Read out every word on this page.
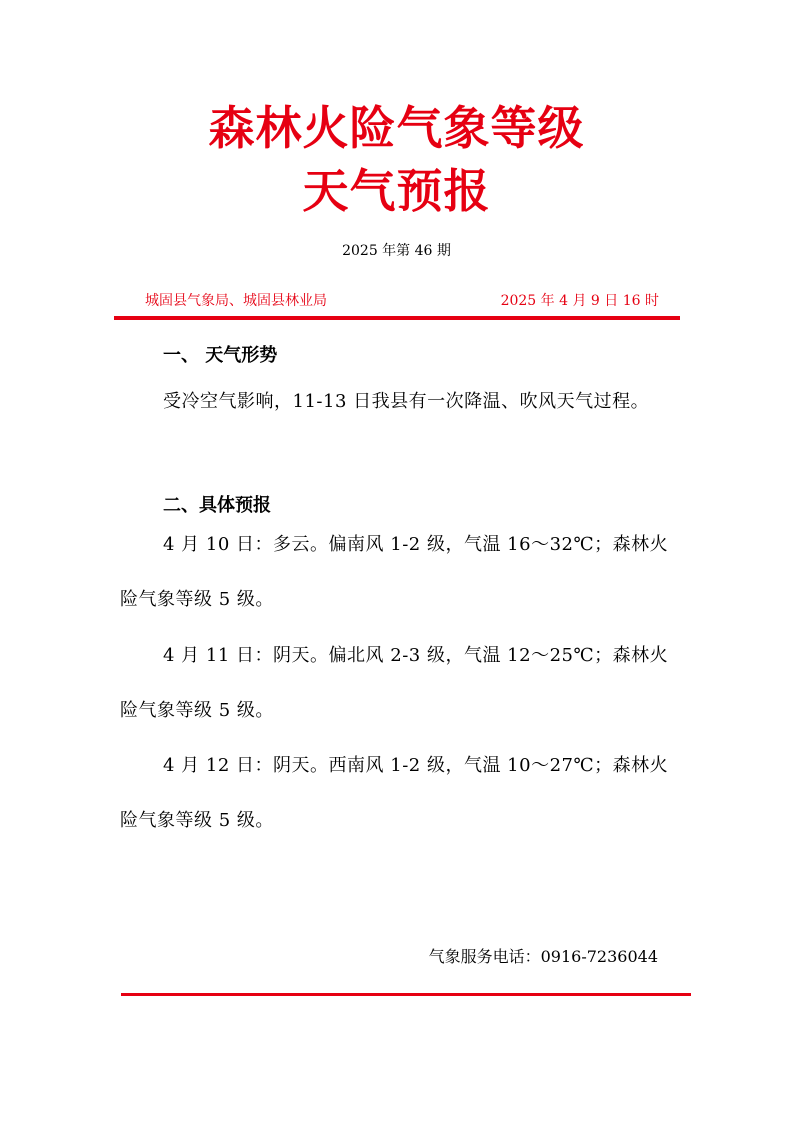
森林火险气象等级
天气预报
2025 年第 46 期
城固县气象局、城固县林业局	2025 年 4 月 9 日 16 时
一、 天气形势
受冷空气影响，11-13 日我县有一次降温、吹风天气过程。
二、具体预报
4 月 10 日：多云。偏南风 1-2 级，气温 16～32℃；森林火险气象等级 5 级。
4 月 11 日：阴天。偏北风 2-3 级，气温 12～25℃；森林火险气象等级 5 级。
4 月 12 日：阴天。西南风 1-2 级，气温 10～27℃；森林火险气象等级 5 级。
气象服务电话：0916-7236044
